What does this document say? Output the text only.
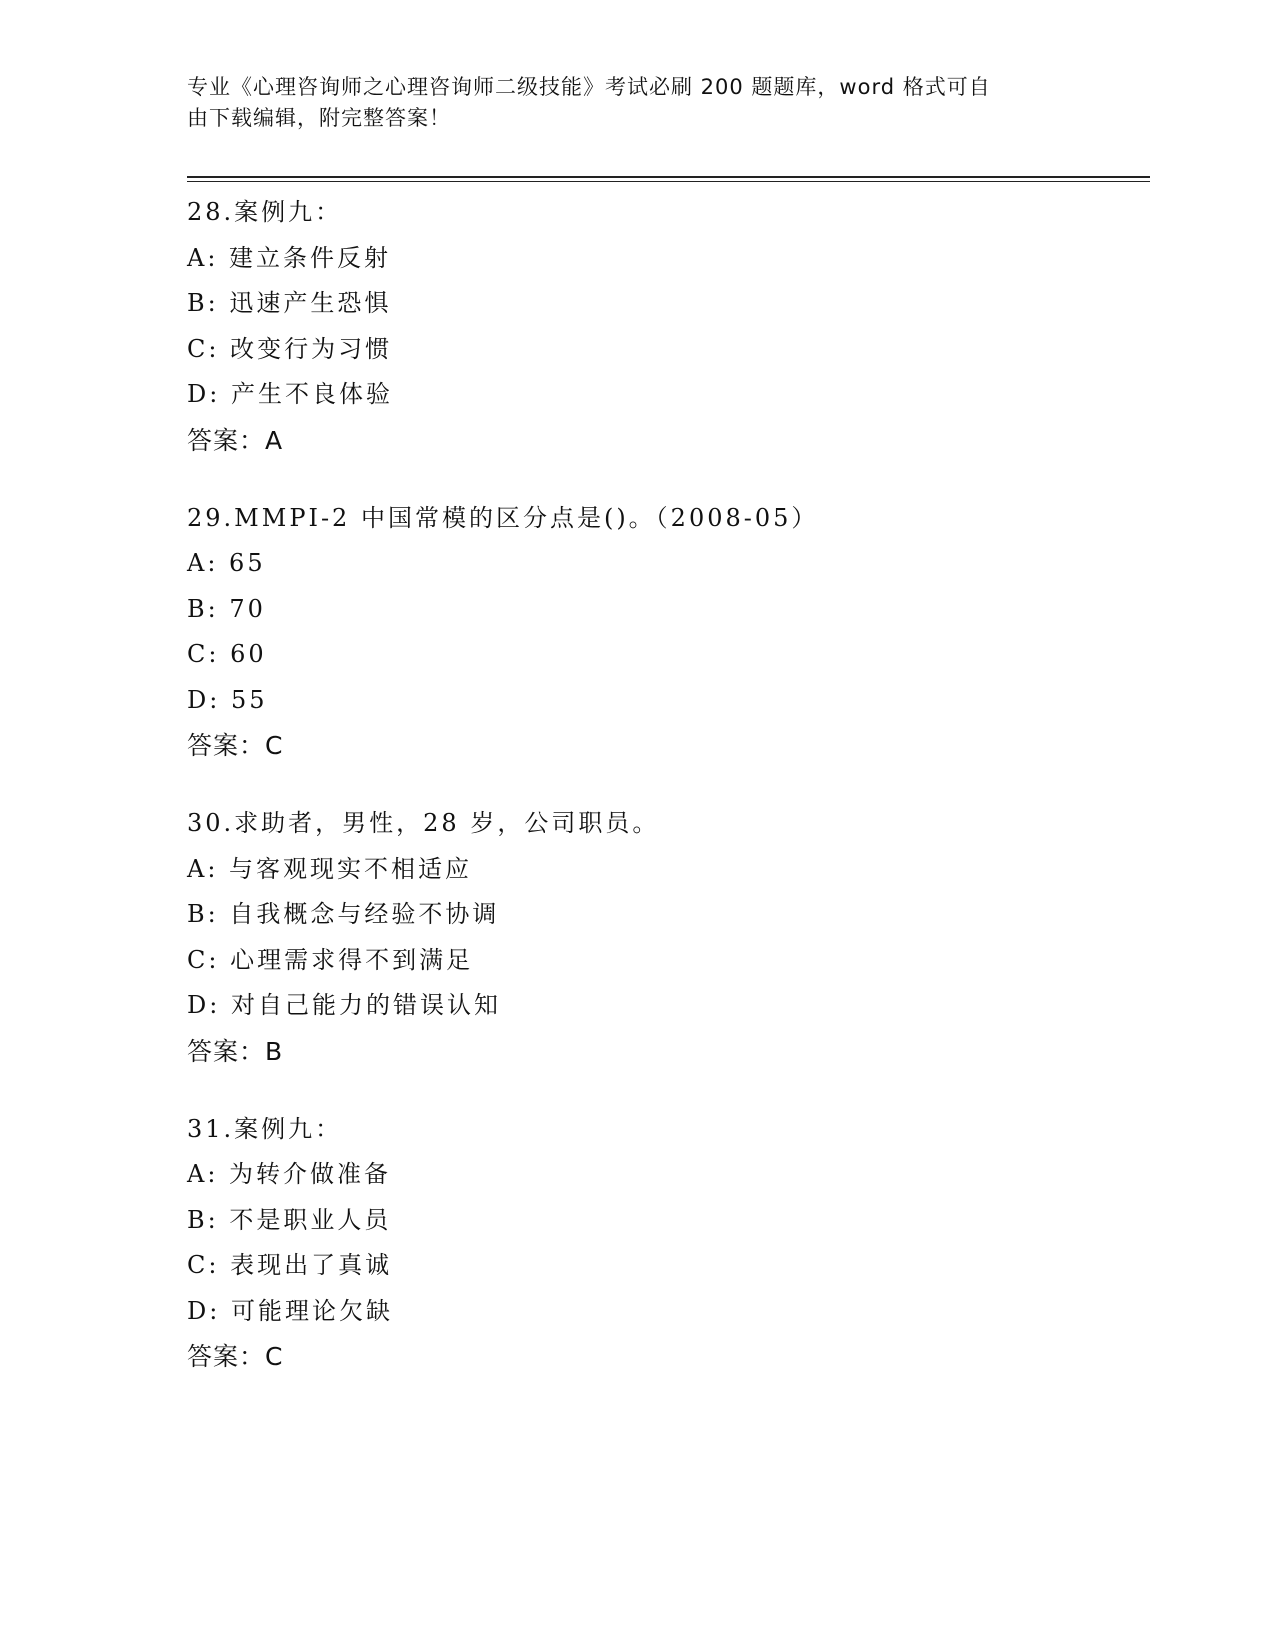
专业《心理咨询师之心理咨询师二级技能》考试必刷 200 题题库，word 格式可自
由下载编辑，附完整答案！
28.案例九：
A: 建立条件反射
B: 迅速产生恐惧
C: 改变行为习惯
D: 产生不良体验
答案：A
29.MMPI-2 中国常模的区分点是()。（2008-05）
A: 65
B: 70
C: 60
D: 55
答案：C
30.求助者，男性，28 岁，公司职员。
A: 与客观现实不相适应
B: 自我概念与经验不协调
C: 心理需求得不到满足
D: 对自己能力的错误认知
答案：B
31.案例九：
A: 为转介做准备
B: 不是职业人员
C: 表现出了真诚
D: 可能理论欠缺
答案：C
